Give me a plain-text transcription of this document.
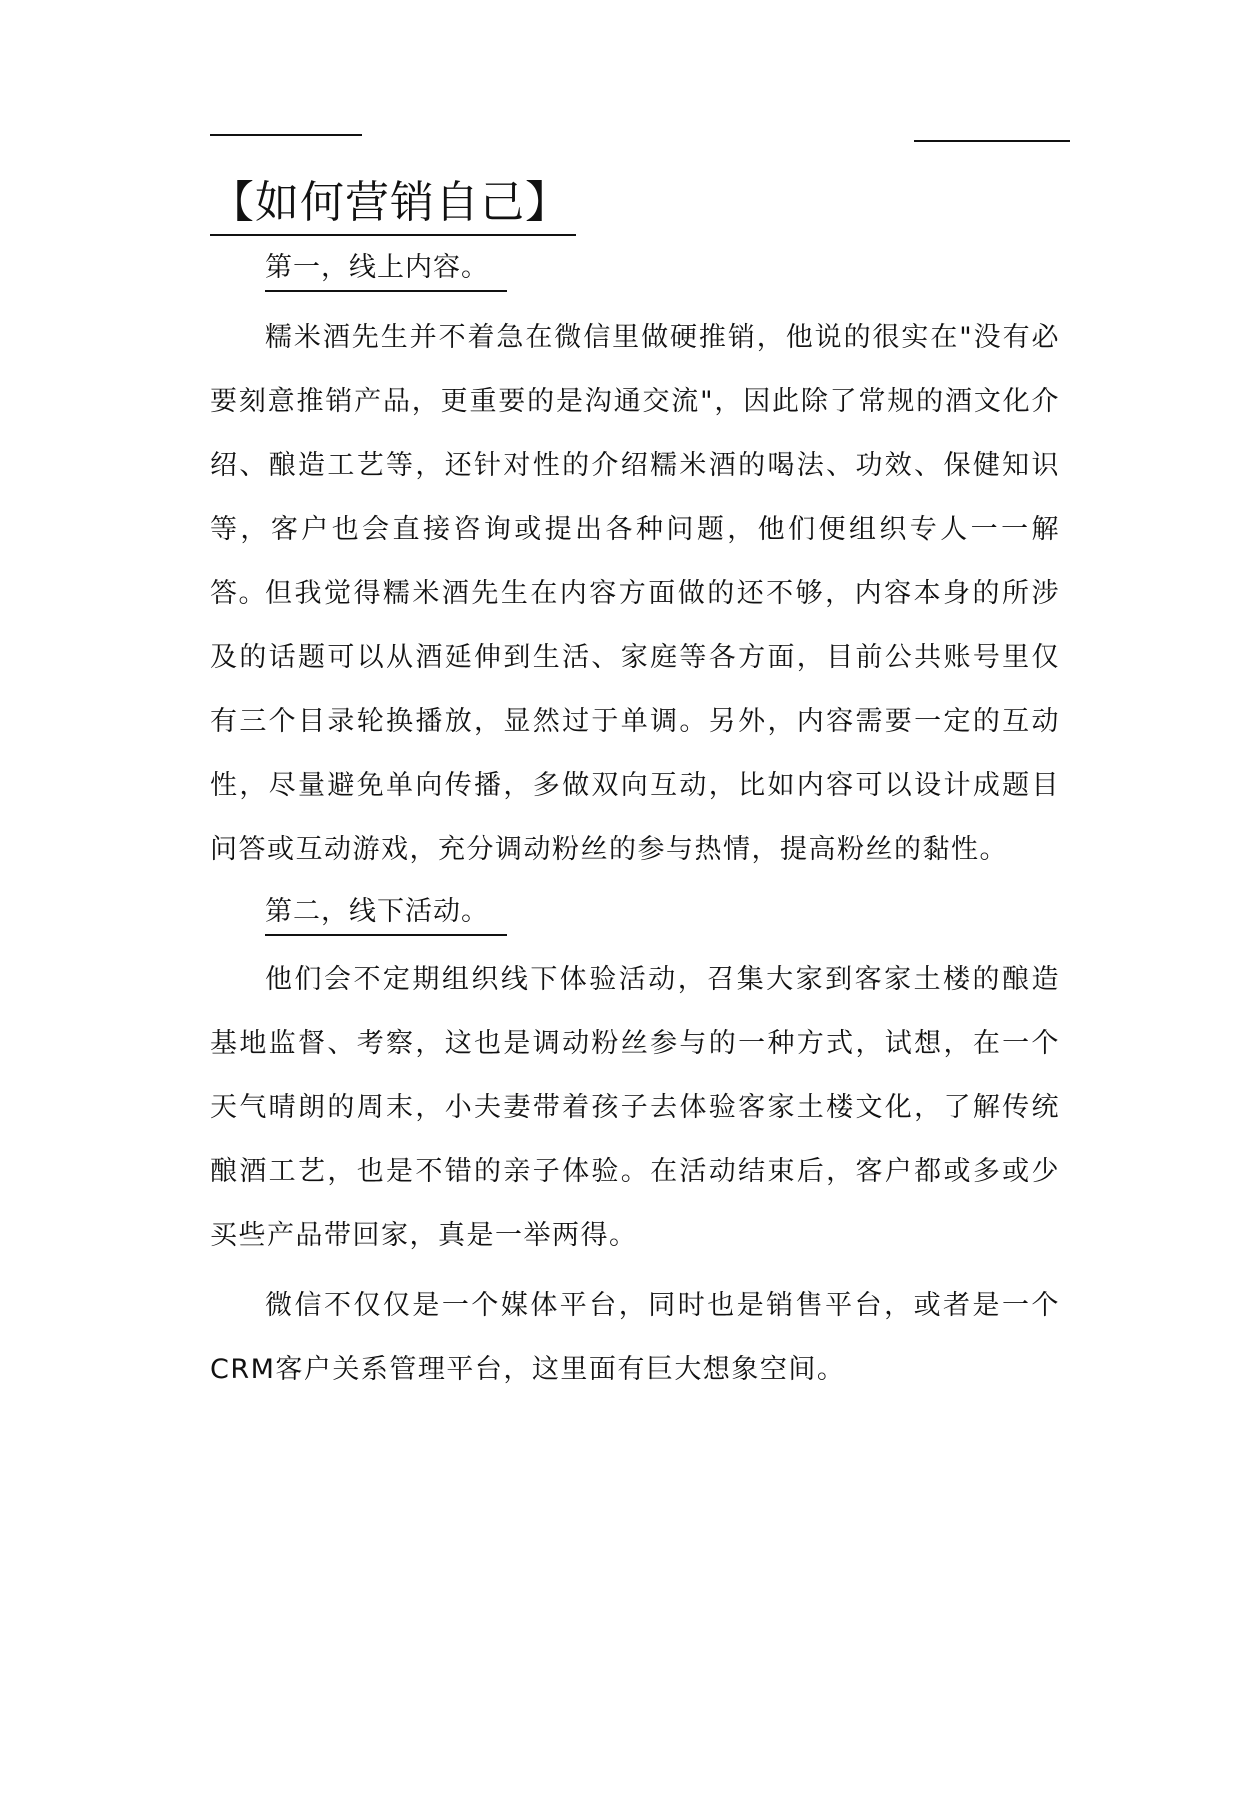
【如何营销自己】
第一，线上内容。

糯米酒先生并不着急在微信里做硬推销，他说的很实在"没有必要刻意推销产品，更重要的是沟通交流"，因此除了常规的酒文化介绍、酿造工艺等，还针对性的介绍糯米酒的喝法、功效、保健知识等，客户也会直接咨询或提出各种问题，他们便组织专人一一解答。

但我觉得糯米酒先生在内容方面做的还不够，内容本身的所涉及的话题可以从酒延伸到生活、家庭等各方面，目前公共账号里仅有三个目录轮换播放，显然过于单调。另外，内容需要一定的互动性，尽量避免单向传播，多做双向互动，比如内容可以设计成题目问答或互动游戏，充分调动粉丝的参与热情，提高粉丝的黏性。

第二，线下活动。

他们会不定期组织线下体验活动，召集大家到客家土楼的酿造基地监督、考察，这也是调动粉丝参与的一种方式，试想，在一个天气晴朗的周末，小夫妻带着孩子去体验客家土楼文化，了解传统酿酒工艺，也是不错的亲子体验。在活动结束后，客户都或多或少买些产品带回家，真是一举两得。

微信不仅仅是一个媒体平台，同时也是销售平台，或者是一个CRM客户关系管理平台，这里面有巨大想象空间。
